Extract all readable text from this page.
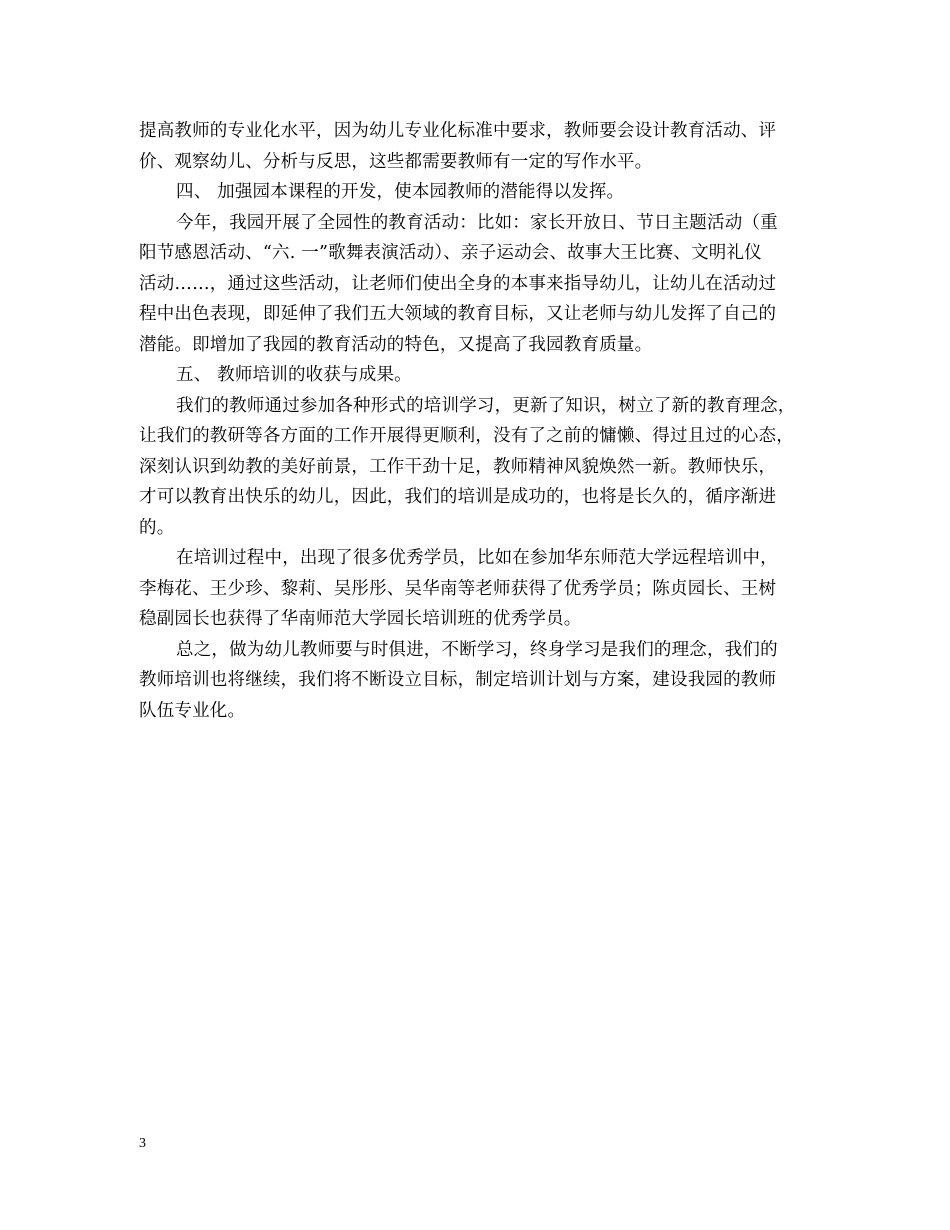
提高教师的专业化水平，因为幼儿专业化标准中要求，教师要会设计教育活动、评
价、观察幼儿、分析与反思，这些都需要教师有一定的写作水平。
四、 加强园本课程的开发，使本园教师的潜能得以发挥。
今年，我园开展了全园性的教育活动：比如：家长开放日、节日主题活动（重
阳节感恩活动、“六. 一”歌舞表演活动）、亲子运动会、故事大王比赛、文明礼仪
活动……，通过这些活动，让老师们使出全身的本事来指导幼儿，让幼儿在活动过
程中出色表现，即延伸了我们五大领域的教育目标，又让老师与幼儿发挥了自己的
潜能。即增加了我园的教育活动的特色，又提高了我园教育质量。
五、 教师培训的收获与成果。
我们的教师通过参加各种形式的培训学习，更新了知识，树立了新的教育理念，
让我们的教研等各方面的工作开展得更顺利，没有了之前的慵懒、得过且过的心态，
深刻认识到幼教的美好前景，工作干劲十足，教师精神风貌焕然一新。教师快乐，
才可以教育出快乐的幼儿，因此，我们的培训是成功的，也将是长久的，循序渐进
的。
在培训过程中，出现了很多优秀学员，比如在参加华东师范大学远程培训中，
李梅花、王少珍、黎莉、吴彤彤、吴华南等老师获得了优秀学员；陈贞园长、王树
稳副园长也获得了华南师范大学园长培训班的优秀学员。
总之，做为幼儿教师要与时俱进，不断学习，终身学习是我们的理念，我们的
教师培训也将继续，我们将不断设立目标，制定培训计划与方案，建设我园的教师
队伍专业化。
3
